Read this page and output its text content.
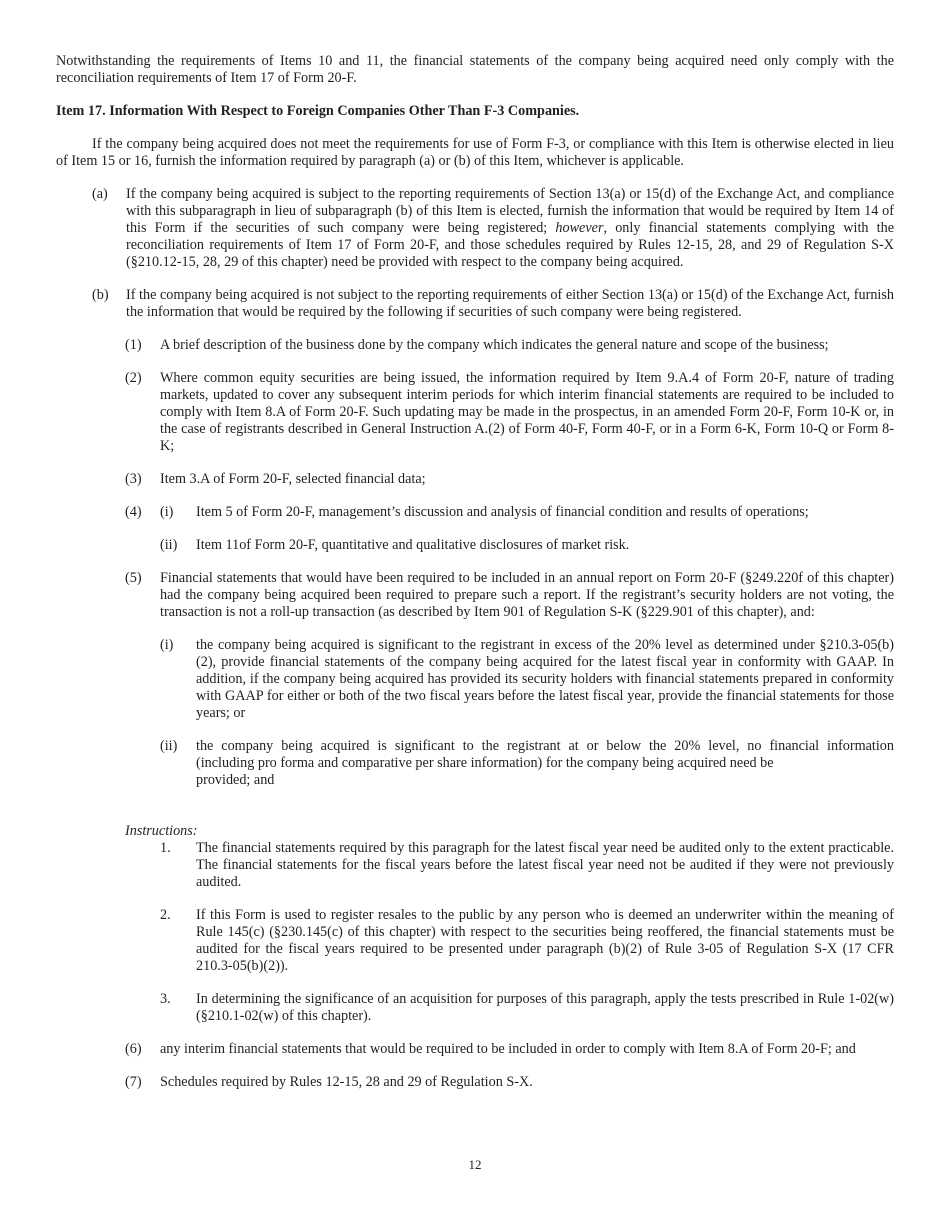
Notwithstanding the requirements of Items 10 and 11, the financial statements of the company being acquired need only comply with the reconciliation requirements of Item 17 of Form 20-F.

Item 17. Information With Respect to Foreign Companies Other Than F-3 Companies.

If the company being acquired does not meet the requirements for use of Form F-3, or compliance with this Item is otherwise elected in lieu of Item 15 or 16, furnish the information required by paragraph (a) or (b) of this Item, whichever is applicable.

(a)	If the company being acquired is subject to the reporting requirements of Section 13(a) or 15(d) of the Exchange Act, and compliance with this subparagraph in lieu of subparagraph (b) of this Item is elected, furnish the information that would be required by Item 14 of this Form if the securities of such company were being registered; however, only financial statements complying with the reconciliation requirements of Item 17 of Form 20-F, and those schedules required by Rules 12-15, 28, and 29 of Regulation S-X (§210.12-15, 28, 29 of this chapter) need be provided with respect to the company being acquired.
(b)	If the company being acquired is not subject to the reporting requirements of either Section 13(a) or 15(d) of the Exchange Act, furnish the information that would be required by the following if securities of such company were being registered.
(1)	A brief description of the business done by the company which indicates the general nature and scope of the business;
(2)	Where common equity securities are being issued, the information required by Item 9.A.4 of Form 20-F, nature of trading markets, updated to cover any subsequent interim periods for which interim financial statements are required to be included to comply with Item 8.A of Form 20-F. Such updating may be made in the prospectus, in an amended Form 20-F, Form 10-K or, in the case of registrants described in General Instruction A.(2) of Form 40-F, Form 40-F, or in a Form 6-K, Form 10-Q or Form 8-K;
(3)	Item 3.A of Form 20-F, selected financial data;
(4)	(i)	Item 5 of Form 20-F, management’s discussion and analysis of financial condition and results of operations;
(ii)	Item 11of Form 20-F, quantitative and qualitative disclosures of market risk.
(5)	Financial statements that would have been required to be included in an annual report on Form 20-F (§249.220f of this chapter) had the company being acquired been required to prepare such a report. If the registrant’s security holders are not voting, the transaction is not a roll-up transaction (as described by Item 901 of Regulation S-K (§229.901 of this chapter), and:
(i)	the company being acquired is significant to the registrant in excess of the 20% level as determined under §210.3-05(b)(2), provide financial statements of the company being acquired for the latest fiscal year in conformity with GAAP. In addition, if the company being acquired has provided its security holders with financial statements prepared in conformity with GAAP for either or both of the two fiscal years before the latest fiscal year, provide the financial statements for those years; or
(ii)	the company being acquired is significant to the registrant at or below the 20% level, no financial information
(including pro forma and comparative per share information) for the company being acquired need be
provided; and

Instructions:

1.	The financial statements required by this paragraph for the latest fiscal year need be audited only to the extent practicable. The financial statements for the fiscal years before the latest fiscal year need not be audited if they were not previously audited.
2.	If this Form is used to register resales to the public by any person who is deemed an underwriter within the meaning of Rule 145(c) (§230.145(c) of this chapter) with respect to the securities being reoffered, the financial statements must be audited for the fiscal years required to be presented under paragraph (b)(2) of Rule 3-05 of Regulation S-X (17 CFR 210.3-05(b)(2)).
3.	In determining the significance of an acquisition for purposes of this paragraph, apply the tests prescribed in Rule 1-02(w) (§210.1-02(w) of this chapter).
(6)	any interim financial statements that would be required to be included in order to comply with Item 8.A of Form 20-F; and
(7)	Schedules required by Rules 12-15, 28 and 29 of Regulation S-X.
12
